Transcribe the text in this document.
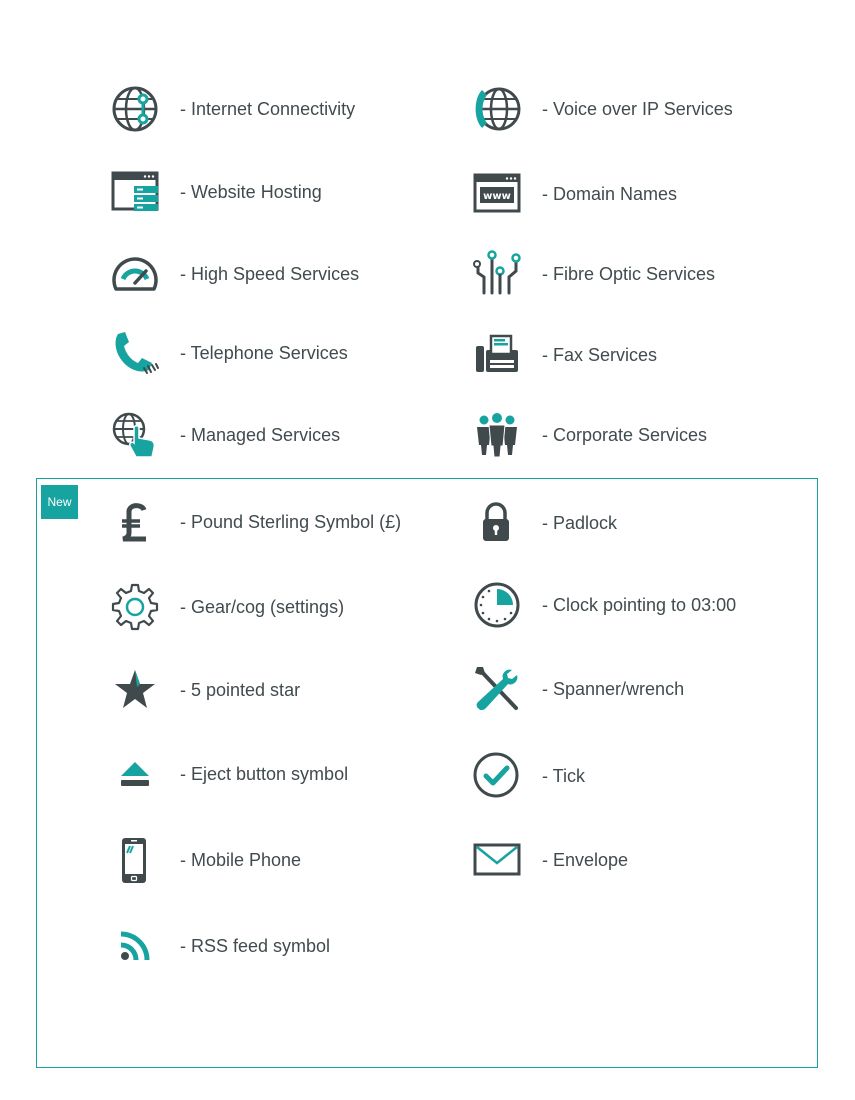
New
- Internet Connectivity	- Voice over IP Services
- Website Hosting	www - Domain Names
- High Speed Services	- Fibre Optic Services
- Telephone Services	- Fax Services
- Managed Services	- Corporate Services
- Pound Sterling Symbol (£)	- Padlock
- Gear/cog (settings)	- Clock pointing to 03:00
- 5 pointed star	- Spanner/wrench
- Eject button symbol	- Tick
- Mobile Phone	- Envelope
- RSS feed symbol
